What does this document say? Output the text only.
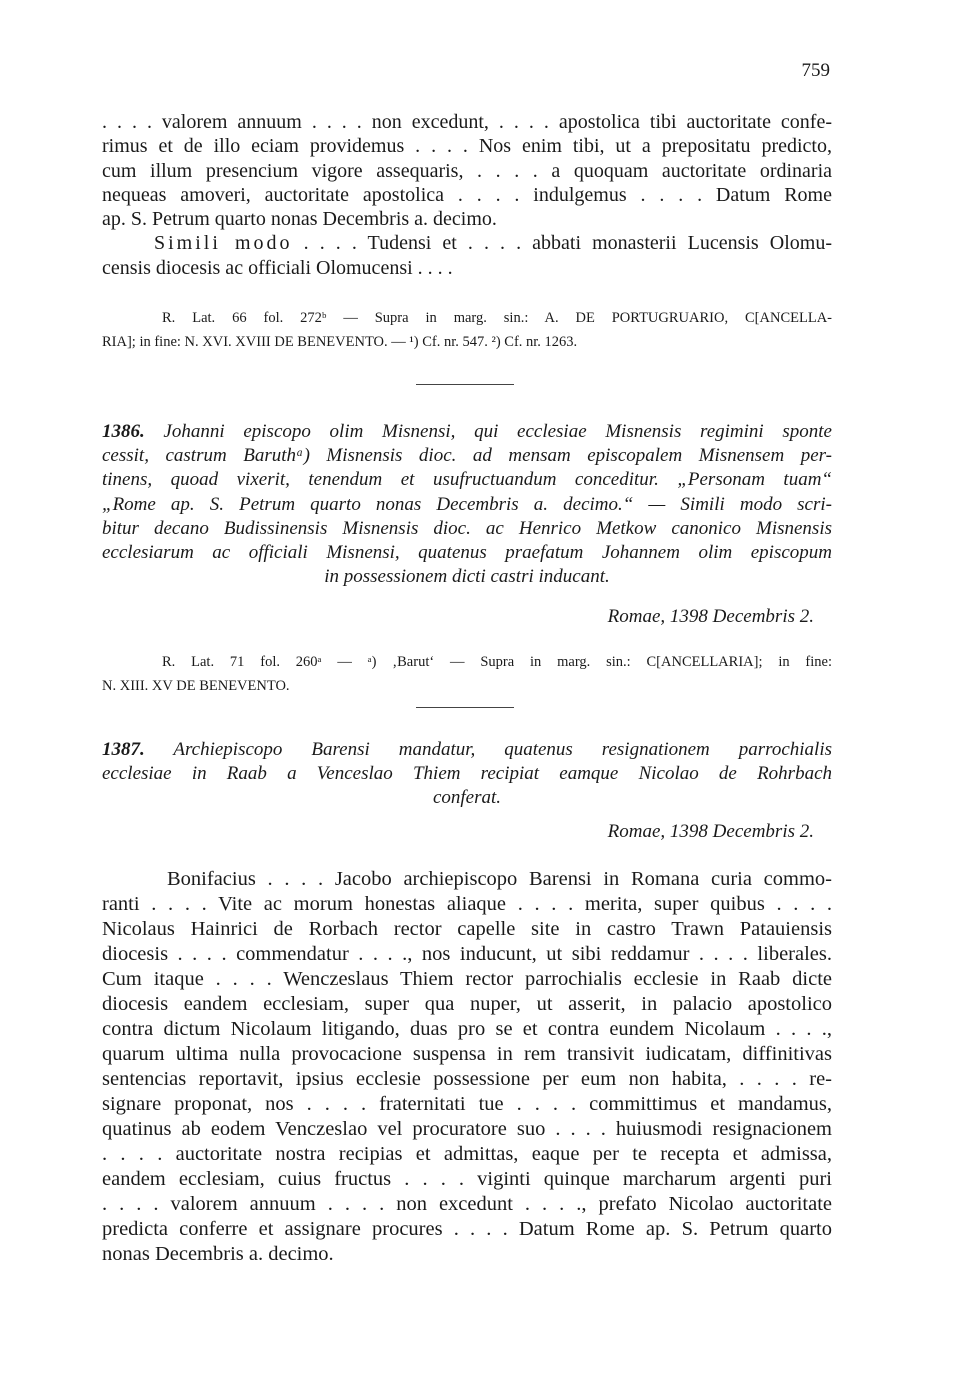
759
. . . . valorem annuum . . . . non excedunt, . . . . apostolica tibi auctoritate confe-
rimus et de illo eciam providemus . . . . Nos enim tibi, ut a prepositatu predicto,
cum illum presencium vigore assequaris, . . . . a quoquam auctoritate ordinaria
nequeas amoveri, auctoritate apostolica . . . . indulgemus . . . . Datum Rome
ap. S. Petrum quarto nonas Decembris a. decimo.
Simili modo . . . . Tudensi et . . . . abbati monasterii Lucensis Olomu-
censis diocesis ac officiali Olomucensi . . . .
R. Lat. 66 fol. 272ᵇ — Supra in marg. sin.: A. DE PORTUGRUARIO, C[ANCELLA-
RIA]; in fine: N. XVI. XVIII DE BENEVENTO. — ¹) Cf. nr. 547. ²) Cf. nr. 1263.
1386. Johanni episcopo olim Misnensi, qui ecclesiae Misnensis regimini sponte
cessit, castrum Baruthᵃ) Misnensis dioc. ad mensam episcopalem Misnensem per-
tinens, quoad vixerit, tenendum et usufructuandum conceditur. „Personam tuam“
„Rome ap. S. Petrum quarto nonas Decembris a. decimo.“ — Simili modo scri-
bitur decano Budissinensis Misnensis dioc. ac Henrico Metkow canonico Misnensis
ecclesiarum ac officiali Misnensi, quatenus praefatum Johannem olim episcopum
in possessionem dicti castri inducant.
Romae, 1398 Decembris 2.
R. Lat. 71 fol. 260ᵃ — ᵃ) ‚Barut‘ — Supra in marg. sin.: C[ANCELLARIA]; in fine:
N. XIII. XV DE BENEVENTO.
1387. Archiepiscopo Barensi mandatur, quatenus resignationem parrochialis
ecclesiae in Raab a Venceslao Thiem recipiat eamque Nicolao de Rohrbach
conferat.
Romae, 1398 Decembris 2.
Bonifacius . . . . Jacobo archiepiscopo Barensi in Romana curia commo-
ranti . . . . Vite ac morum honestas aliaque . . . . merita, super quibus . . . .
Nicolaus Hainrici de Rorbach rector capelle site in castro Trawn Patauiensis
diocesis . . . . commendatur . . . ., nos inducunt, ut sibi reddamur . . . . liberales.
Cum itaque . . . . Wenczeslaus Thiem rector parrochialis ecclesie in Raab dicte
diocesis eandem ecclesiam, super qua nuper, ut asserit, in palacio apostolico
contra dictum Nicolaum litigando, duas pro se et contra eundem Nicolaum . . . .,
quarum ultima nulla provocacione suspensa in rem transivit iudicatam, diffinitivas
sentencias reportavit, ipsius ecclesie possessione per eum non habita, . . . . re-
signare proponat, nos . . . . fraternitati tue . . . . committimus et mandamus,
quatinus ab eodem Venczeslao vel procuratore suo . . . . huiusmodi resignacionem
. . . . auctoritate nostra recipias et admittas, eaque per te recepta et admissa,
eandem ecclesiam, cuius fructus . . . . viginti quinque marcharum argenti puri
. . . . valorem annuum . . . . non excedunt . . . ., prefato Nicolao auctoritate
predicta conferre et assignare procures . . . . Datum Rome ap. S. Petrum quarto
nonas Decembris a. decimo.
